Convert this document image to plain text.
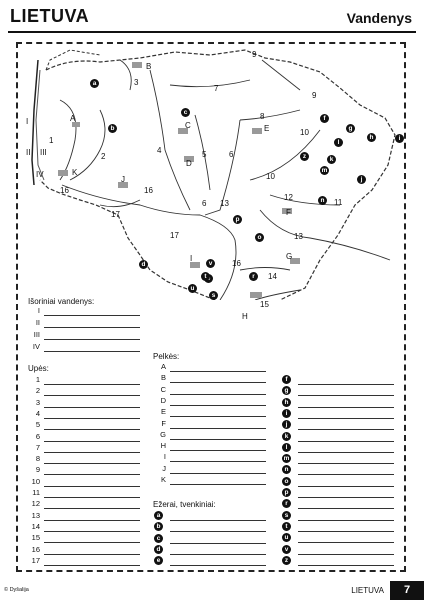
LIETUVA	Vandenys
B
A
C
D
E
F
G
H
I
J
K
I
II III
IV
1
2
3
4	5	6
6
7
8
9
9
10
10
11
12
13
13
14
15
16
16
16
17
17
a
b
c
d
f
g
h	i
j
k
l
m
n
o
p
r
s
t
u
v
z
Išoriniai vandenys:
I
II
III
IV
Upės:
1
2
3
4
5
6
7
8
9
10
11
12
13
14
15
16
17
Pelkės:
A
B
C
D
E
F
G
H
I
J
K
Ežerai, tvenkiniai:
a
b
c
d
e
f
g
h
i
j
k
l
m
n
o
p
r
s
t
u
v
z
© Dyšalija	LIETUVA	7
